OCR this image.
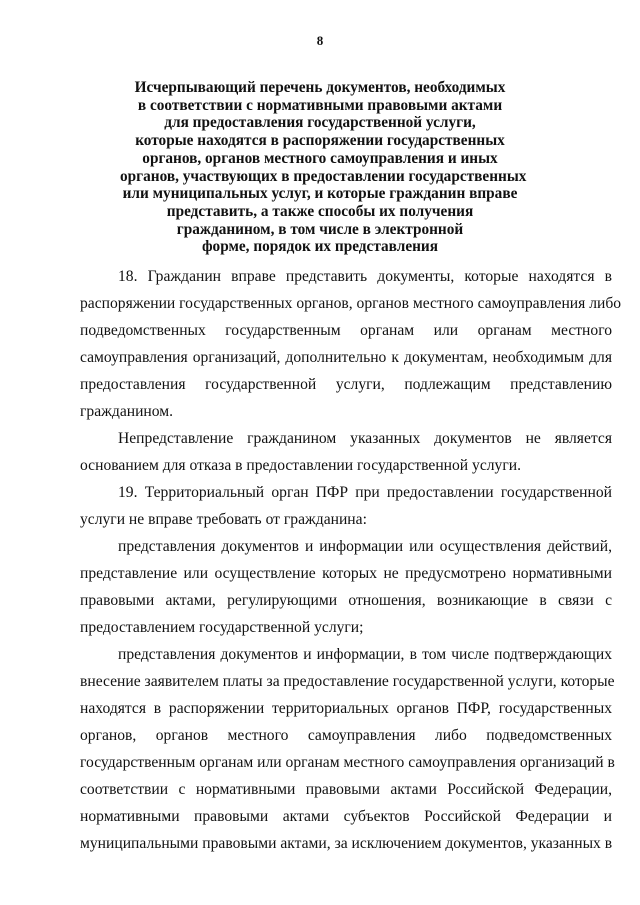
8
Исчерпывающий перечень документов, необходимых
в соответствии с нормативными правовыми актами
для предоставления государственной услуги,
которые находятся в распоряжении государственных
органов, органов местного самоуправления и иных
органов, участвующих в предоставлении государственных
или муниципальных услуг, и которые гражданин вправе
представить, а также способы их получения
гражданином, в том числе в электронной
форме, порядок их представления

18. Гражданин вправе представить документы, которые находятся в
распоряжении государственных органов, органов местного самоуправления либо
подведомственных государственным органам или органам местного
самоуправления организаций, дополнительно к документам, необходимым для
предоставления государственной услуги, подлежащим представлению
гражданином.

Непредставление гражданином указанных документов не является
основанием для отказа в предоставлении государственной услуги.

19. Территориальный орган ПФР при предоставлении государственной
услуги не вправе требовать от гражданина:

представления документов и информации или осуществления действий,
представление или осуществление которых не предусмотрено нормативными
правовыми актами, регулирующими отношения, возникающие в связи с
предоставлением государственной услуги;

представления документов и информации, в том числе подтверждающих
внесение заявителем платы за предоставление государственной услуги, которые
находятся в распоряжении территориальных органов ПФР, государственных
органов, органов местного самоуправления либо подведомственных
государственным органам или органам местного самоуправления организаций в
соответствии с нормативными правовыми актами Российской Федерации,
нормативными правовыми актами субъектов Российской Федерации и
муниципальными правовыми актами, за исключением документов, указанных в
